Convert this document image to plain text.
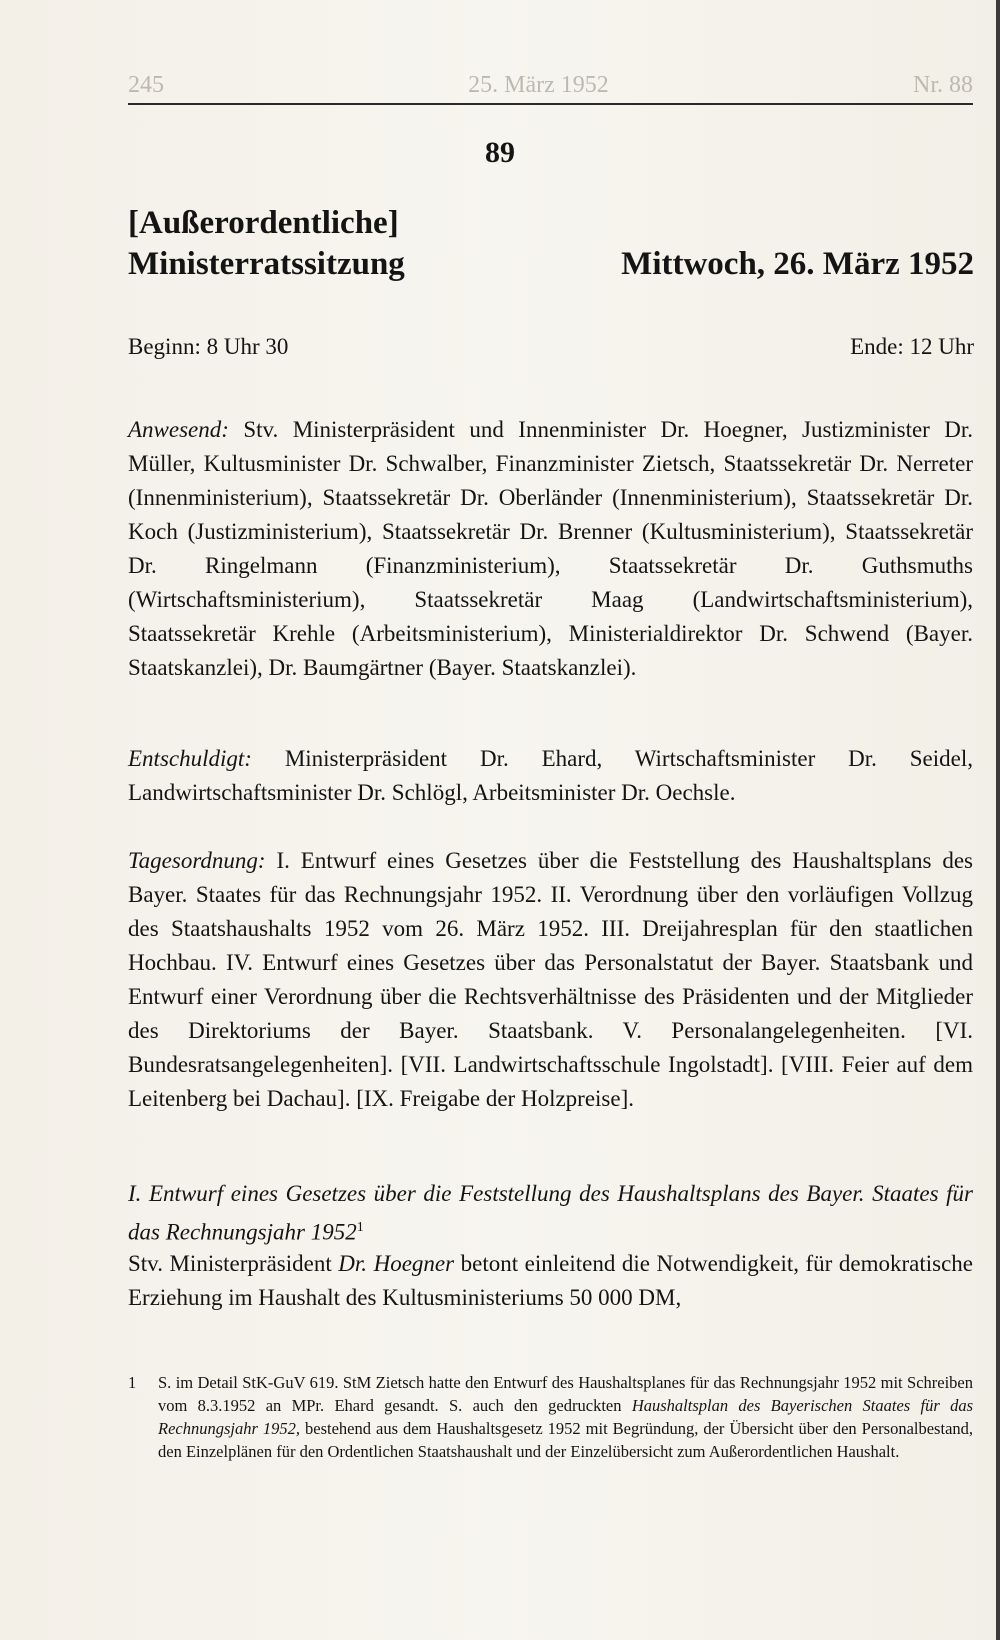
245	25. März 1952	Nr. 88
89
[Außerordentliche]
Ministerratssitzung	Mittwoch, 26. März 1952
Beginn: 8 Uhr 30	Ende: 12 Uhr
Anwesend: Stv. Ministerpräsident und Innenminister Dr. Hoegner, Justizminister Dr. Müller, Kultusminister Dr. Schwalber, Finanzminister Zietsch, Staatssekretär Dr. Nerreter (Innenministerium), Staatssekretär Dr. Oberländer (Innenministerium), Staatssekretär Dr. Koch (Justizministerium), Staatssekretär Dr. Brenner (Kultusministerium), Staatssekretär Dr. Ringelmann (Finanzministerium), Staatssekretär Dr. Guthsmuths (Wirtschaftsministerium), Staatssekretär Maag (Landwirtschaftsministerium), Staatssekretär Krehle (Arbeitsministerium), Ministerialdirektor Dr. Schwend (Bayer. Staatskanzlei), Dr. Baumgärtner (Bayer. Staatskanzlei).
Entschuldigt: Ministerpräsident Dr. Ehard, Wirtschaftsminister Dr. Seidel, Landwirtschaftsminister Dr. Schlögl, Arbeitsminister Dr. Oechsle.
Tagesordnung: I. Entwurf eines Gesetzes über die Feststellung des Haushaltsplans des Bayer. Staates für das Rechnungsjahr 1952. II. Verordnung über den vorläufigen Vollzug des Staatshaushalts 1952 vom 26. März 1952. III. Dreijahresplan für den staatlichen Hochbau. IV. Entwurf eines Gesetzes über das Personalstatut der Bayer. Staatsbank und Entwurf einer Verordnung über die Rechtsverhältnisse des Präsidenten und der Mitglieder des Direktoriums der Bayer. Staatsbank. V. Personalangelegenheiten. [VI. Bundesratsangelegenheiten]. [VII. Landwirtschaftsschule Ingolstadt]. [VIII. Feier auf dem Leitenberg bei Dachau]. [IX. Freigabe der Holzpreise].
I. Entwurf eines Gesetzes über die Feststellung des Haushaltsplans des Bayer. Staates für das Rechnungsjahr 1952$^1$
Stv. Ministerpräsident Dr. Hoegner betont einleitend die Notwendigkeit, für demokratische Erziehung im Haushalt des Kultusministeriums 50 000 DM,
1	S. im Detail StK-GuV 619. StM Zietsch hatte den Entwurf des Haushaltsplanes für das Rechnungsjahr 1952 mit Schreiben vom 8.3.1952 an MPr. Ehard gesandt. S. auch den gedruckten Haushaltsplan des Bayerischen Staates für das Rechnungsjahr 1952, bestehend aus dem Haushaltsgesetz 1952 mit Begründung, der Übersicht über den Personalbestand, den Einzelplänen für den Ordentlichen Staatshaushalt und der Einzelübersicht zum Außerordentlichen Haushalt.
